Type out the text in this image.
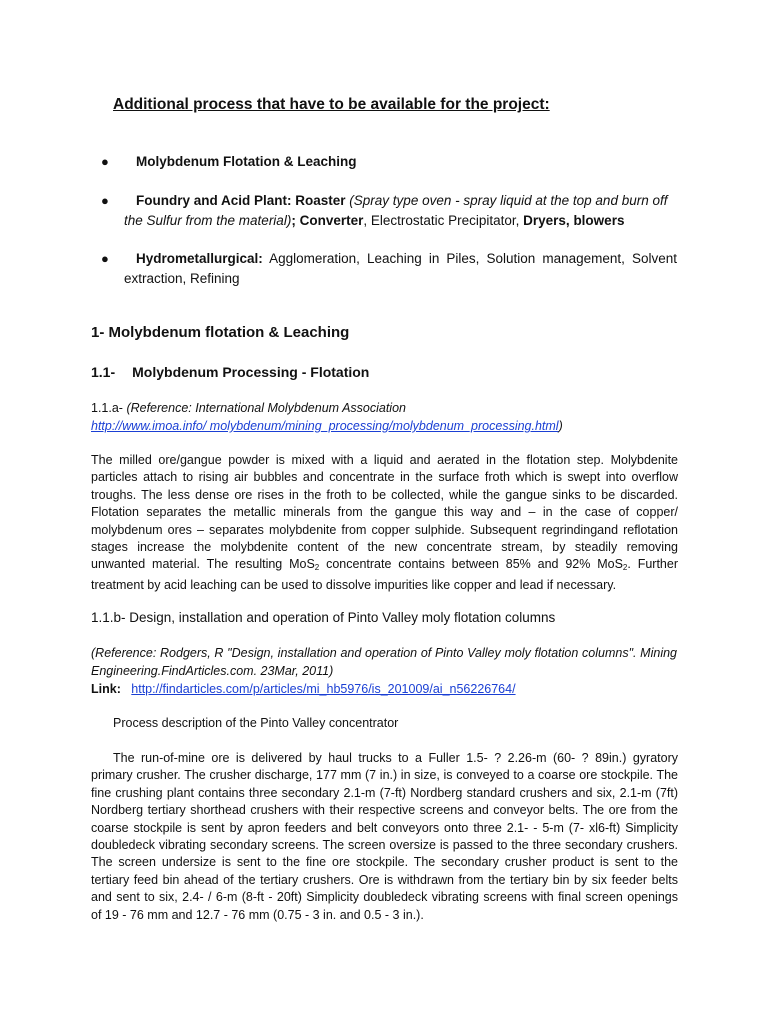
Additional process that have to be available for the project:
● Molybdenum Flotation & Leaching
●	Foundry and Acid Plant: Roaster (Spray type oven - spray liquid at the top and burn off the Sulfur from the material); Converter, Electrostatic Precipitator, Dryers, blowers
●	Hydrometallurgical: Agglomeration, Leaching in Piles, Solution management, Solvent extraction, Refining
1- Molybdenum flotation & Leaching
1.1- Molybdenum Processing - Flotation
1.1.a- (Reference: International Molybdenum Association
http://www.imoa.info/ molybdenum/mining_processing/molybdenum_processing.html)
The milled ore/gangue powder is mixed with a liquid and aerated in the flotation step. Molybdenite
particles attach to rising air bubbles and concentrate in the surface froth which is swept into overflow
troughs. The less dense ore rises in the froth to be collected, while the gangue sinks to be discarded.
Flotation separates the metallic minerals from the gangue this way and – in the case of copper/
molybdenum ores – separates molybdenite from copper sulphide. Subsequent regrindingand reflotation
stages increase the molybdenite content of the new concentrate stream, by steadily removing
unwanted material. The resulting MoS$_2$ concentrate contains between 85% and 92% MoS$_2$. Further
treatment by acid leaching can be used to dissolve impurities like copper and lead if necessary.
1.1.b- Design, installation and operation of Pinto Valley moly flotation columns
(Reference: Rodgers, R "Design, installation and operation of Pinto Valley moly flotation columns". Mining Engineering.FindArticles.com. 23Mar, 2011)
Link: http://findarticles.com/p/articles/mi_hb5976/is_201009/ai_n56226764/
Process description of the Pinto Valley concentrator
The run-of-mine ore is delivered by haul trucks to a Fuller 1.5- ? 2.26-m (60- ? 89in.) gyratory
primary crusher. The crusher discharge, 177 mm (7 in.) in size, is conveyed to a coarse ore stockpile. The
fine crushing plant contains three secondary 2.1-m (7-ft) Nordberg standard crushers and six, 2.1-m (7ft)
Nordberg tertiary shorthead crushers with their respective screens and conveyor belts. The ore from the
coarse stockpile is sent by apron feeders and belt conveyors onto three 2.1- - 5-m (7- xl6-ft) Simplicity
doubledeck vibrating secondary screens. The screen oversize is passed to the three secondary crushers.
The screen undersize is sent to the fine ore stockpile. The secondary crusher product is sent to the
tertiary feed bin ahead of the tertiary crushers. Ore is withdrawn from the tertiary bin by six feeder belts
and sent to six, 2.4- / 6-m (8-ft - 20ft) Simplicity doubledeck vibrating screens with final screen openings
of 19 - 76 mm and 12.7 - 76 mm (0.75 - 3 in. and 0.5 - 3 in.).
